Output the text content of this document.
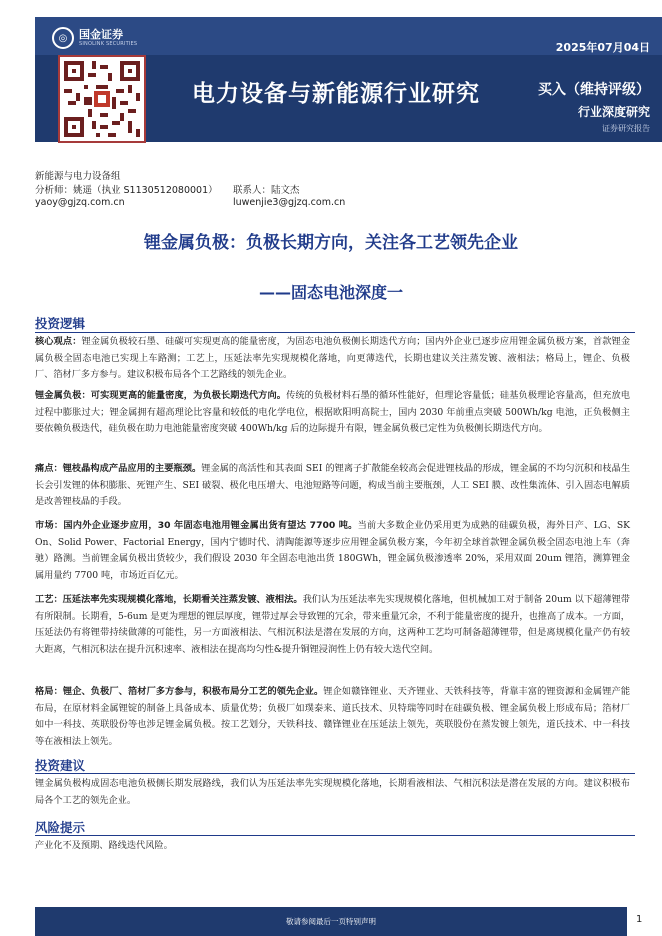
◎	国金证券
SINOLINK SECURITIES	2025年07月04日
电力设备与新能源行业研究	买入（维持评级）
行业深度研究
证券研究报告
新能源与电力设备组
分析师：姚遥（执业 S1130512080001） 联系人：陆文杰
yaoy@gjzq.com.cn	luwenjie3@gjzq.com.cn
锂金属负极：负极长期方向，关注各工艺领先企业
——固态电池深度一
投资逻辑
核心观点：锂金属负极较石墨、硅碳可实现更高的能量密度，为固态电池负极侧长期迭代方向；国内外企业已逐步应用锂金属负极方案，首款锂金属负极全固态电池已实现上车路测；工艺上，压延法率先实现规模化落地，向更薄迭代，长期也建议关注蒸发镀、液相法；格局上，锂企、负极厂、箔材厂多方参与。建议积极布局各个工艺路线的领先企业。
锂金属负极：可实现更高的能量密度，为负极长期迭代方向。传统的负极材料石墨的循环性能好，但理论容量低；硅基负极理论容量高，但充放电过程中膨胀过大；锂金属拥有超高理论比容量和较低的电化学电位，根据欧阳明高院士，国内 2030 年前重点突破 500Wh/kg 电池，正负极侧主要依赖负极迭代，硅负极在助力电池能量密度突破 400Wh/kg 后的边际提升有限，锂金属负极已定性为负极侧长期迭代方向。
痛点：锂枝晶构成产品应用的主要瓶颈。锂金属的高活性和其表面 SEI 的锂离子扩散能垒较高会促进锂枝晶的形成，锂金属的不均匀沉积和枝晶生长会引发锂的体积膨胀、死锂产生、SEI 破裂、极化电压增大、电池短路等问题，构成当前主要瓶颈，人工 SEI 膜、改性集流体、引入固态电解质是改善锂枝晶的手段。
市场：国内外企业逐步应用，30 年固态电池用锂金属出货有望达 7700 吨。当前大多数企业仍采用更为成熟的硅碳负极，海外日产、LG、SK On、Solid Power、Factorial Energy，国内宁德时代、清陶能源等逐步应用锂金属负极方案，今年初全球首款锂金属负极全固态电池上车（奔驰）路测。当前锂金属负极出货较少，我们假设 2030 年全固态电池出货 180GWh，锂金属负极渗透率 20%，采用双面 20um 锂箔，测算锂金属用量约 7700 吨，市场近百亿元。
工艺：压延法率先实现规模化落地，长期看关注蒸发镀、液相法。我们认为压延法率先实现规模化落地，但机械加工对于制备 20um 以下超薄锂带有所限制。长期看，5-6um 是更为理想的锂层厚度，锂带过厚会导致锂的冗余，带来重量冗余，不利于能量密度的提升，也推高了成本。一方面，压延法仍有将锂带持续做薄的可能性，另一方面液相法、气相沉积法是潜在发展的方向，这两种工艺均可制备超薄锂带，但是离规模化量产仍有较大距离，气相沉积法在提升沉积速率、液相法在提高均匀性&提升铜锂浸润性上仍有较大迭代空间。
格局：锂企、负极厂、箔材厂多方参与，积极布局分工艺的领先企业。锂企如赣锋锂业、天齐锂业、天铁科技等，背靠丰富的锂资源和金属锂产能布局，在原材料金属锂锭的制备上具备成本、质量优势；负极厂如璞泰来、道氏技术、贝特瑞等同时在硅碳负极、锂金属负极上形成布局；箔材厂如中一科技、英联股份等也涉足锂金属负极。按工艺划分，天铁科技、赣锋锂业在压延法上领先，英联股份在蒸发镀上领先，道氏技术、中一科技等在液相法上领先。
投资建议
锂金属负极构成固态电池负极侧长期发展路线，我们认为压延法率先实现规模化落地，长期看液相法、气相沉积法是潜在发展的方向。建议积极布局各个工艺的领先企业。
风险提示
产业化不及预期、路线迭代风险。
敬请参阅最后一页特别声明	1
